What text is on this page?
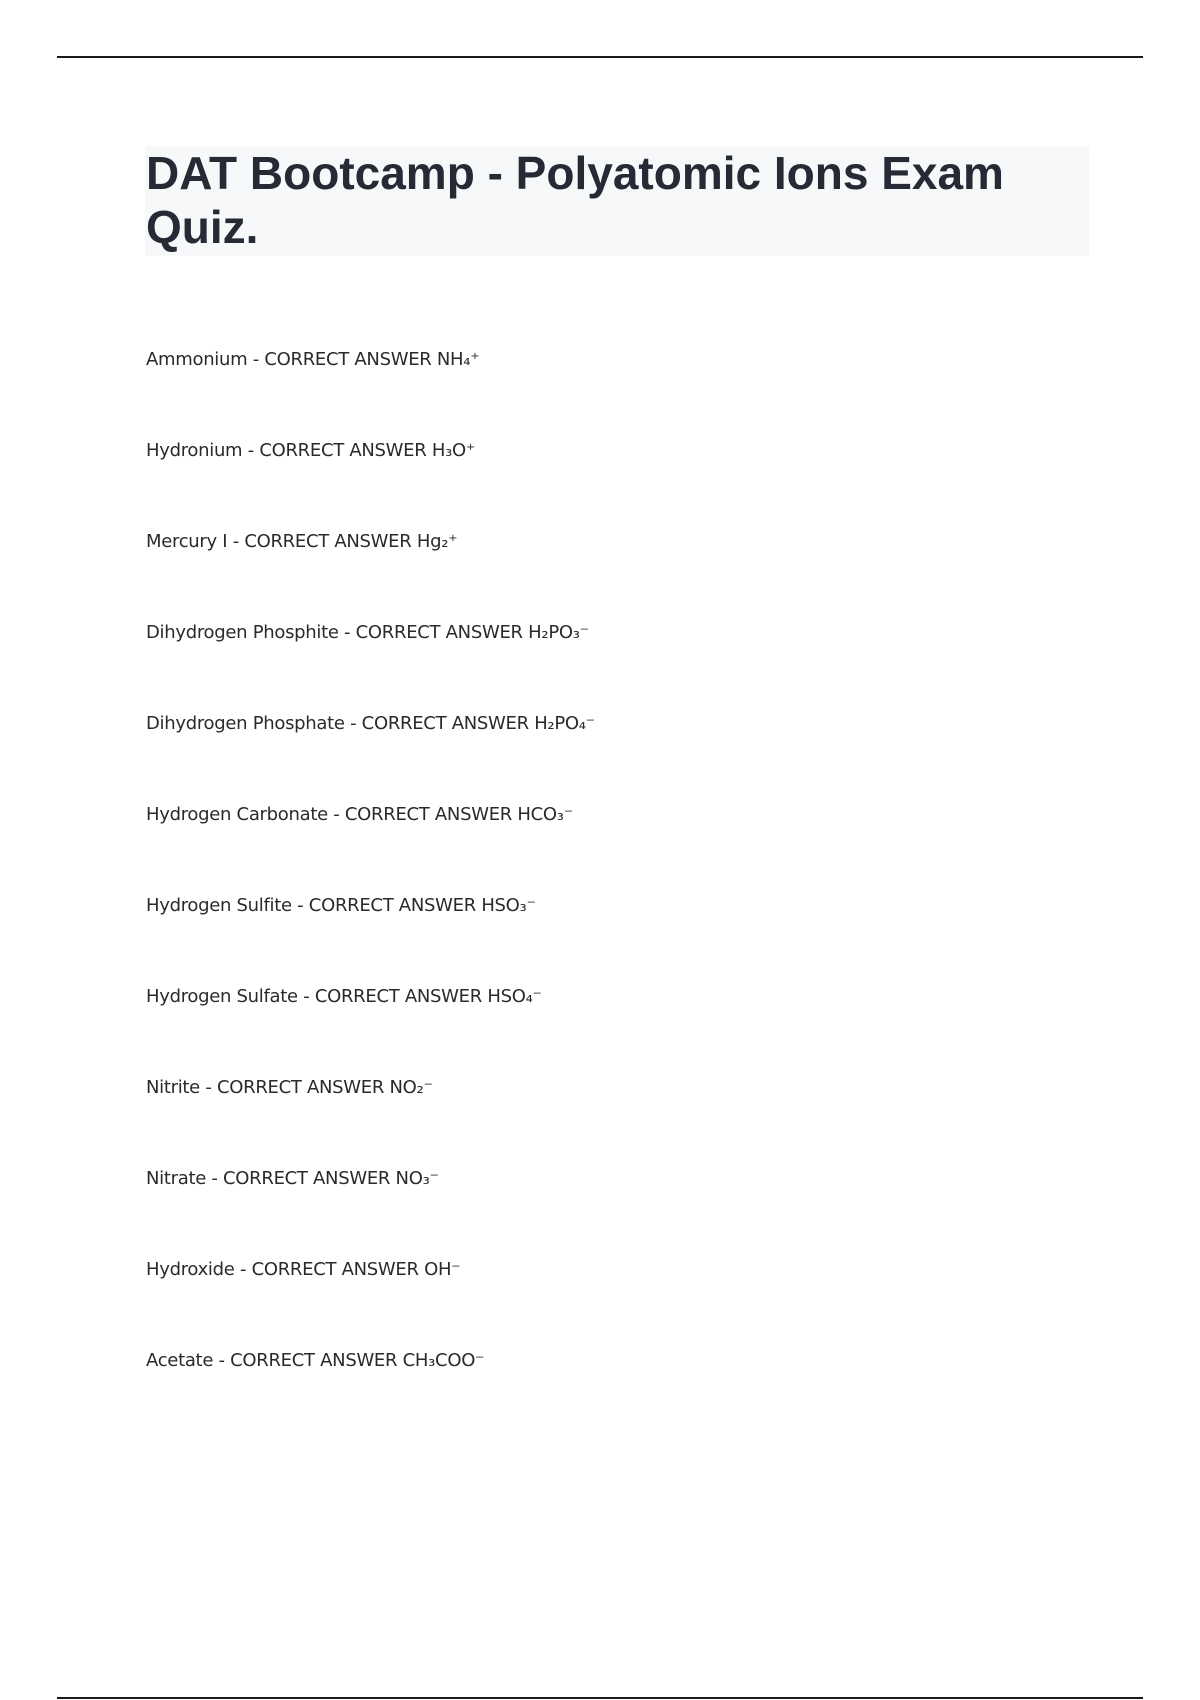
DAT Bootcamp - Polyatomic Ions Exam Quiz.
Ammonium - CORRECT ANSWER NH₄⁺
Hydronium - CORRECT ANSWER H₃O⁺
Mercury I - CORRECT ANSWER Hg₂⁺
Dihydrogen Phosphite - CORRECT ANSWER H₂PO₃⁻
Dihydrogen Phosphate - CORRECT ANSWER H₂PO₄⁻
Hydrogen Carbonate - CORRECT ANSWER HCO₃⁻
Hydrogen Sulfite - CORRECT ANSWER HSO₃⁻
Hydrogen Sulfate - CORRECT ANSWER HSO₄⁻
Nitrite - CORRECT ANSWER NO₂⁻
Nitrate - CORRECT ANSWER NO₃⁻
Hydroxide - CORRECT ANSWER OH⁻
Acetate - CORRECT ANSWER CH₃COO⁻
